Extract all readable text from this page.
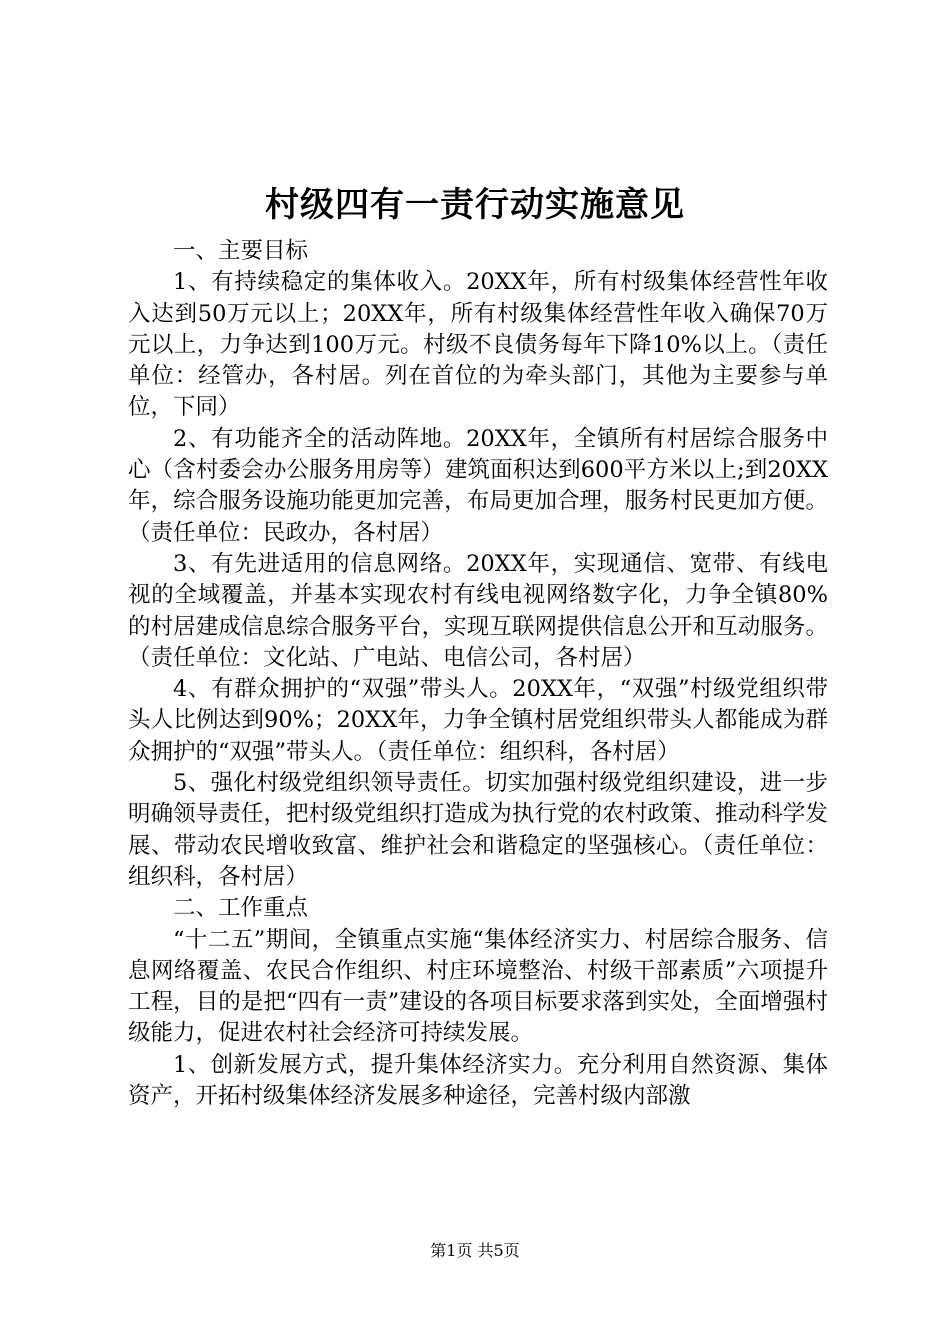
村级四有一责行动实施意见

一、主要目标

1、有持续稳定的集体收入。20XX年，所有村级集体经营性年收入达到50万元以上；20XX年，所有村级集体经营性年收入确保70万元以上，力争达到100万元。村级不良债务每年下降10%以上。（责任单位：经管办，各村居。列在首位的为牵头部门，其他为主要参与单位，下同）

2、有功能齐全的活动阵地。20XX年，全镇所有村居综合服务中心（含村委会办公服务用房等）建筑面积达到600平方米以上;到20XX年，综合服务设施功能更加完善，布局更加合理，服务村民更加方便。（责任单位：民政办，各村居）

3、有先进适用的信息网络。20XX年，实现通信、宽带、有线电视的全域覆盖，并基本实现农村有线电视网络数字化，力争全镇80%的村居建成信息综合服务平台，实现互联网提供信息公开和互动服务。（责任单位：文化站、广电站、电信公司，各村居）

4、有群众拥护的“双强”带头人。20XX年，“双强”村级党组织带头人比例达到90%；20XX年，力争全镇村居党组织带头人都能成为群众拥护的“双强”带头人。（责任单位：组织科，各村居）

5、强化村级党组织领导责任。切实加强村级党组织建设，进一步明确领导责任，把村级党组织打造成为执行党的农村政策、推动科学发展、带动农民增收致富、维护社会和谐稳定的坚强核心。（责任单位：组织科，各村居）

二、工作重点

“十二五”期间，全镇重点实施“集体经济实力、村居综合服务、信息网络覆盖、农民合作组织、村庄环境整治、村级干部素质”六项提升工程，目的是把“四有一责”建设的各项目标要求落到实处，全面增强村级能力，促进农村社会经济可持续发展。

1、创新发展方式，提升集体经济实力。充分利用自然资源、集体资产，开拓村级集体经济发展多种途径，完善村级内部激

第1页 共5页
